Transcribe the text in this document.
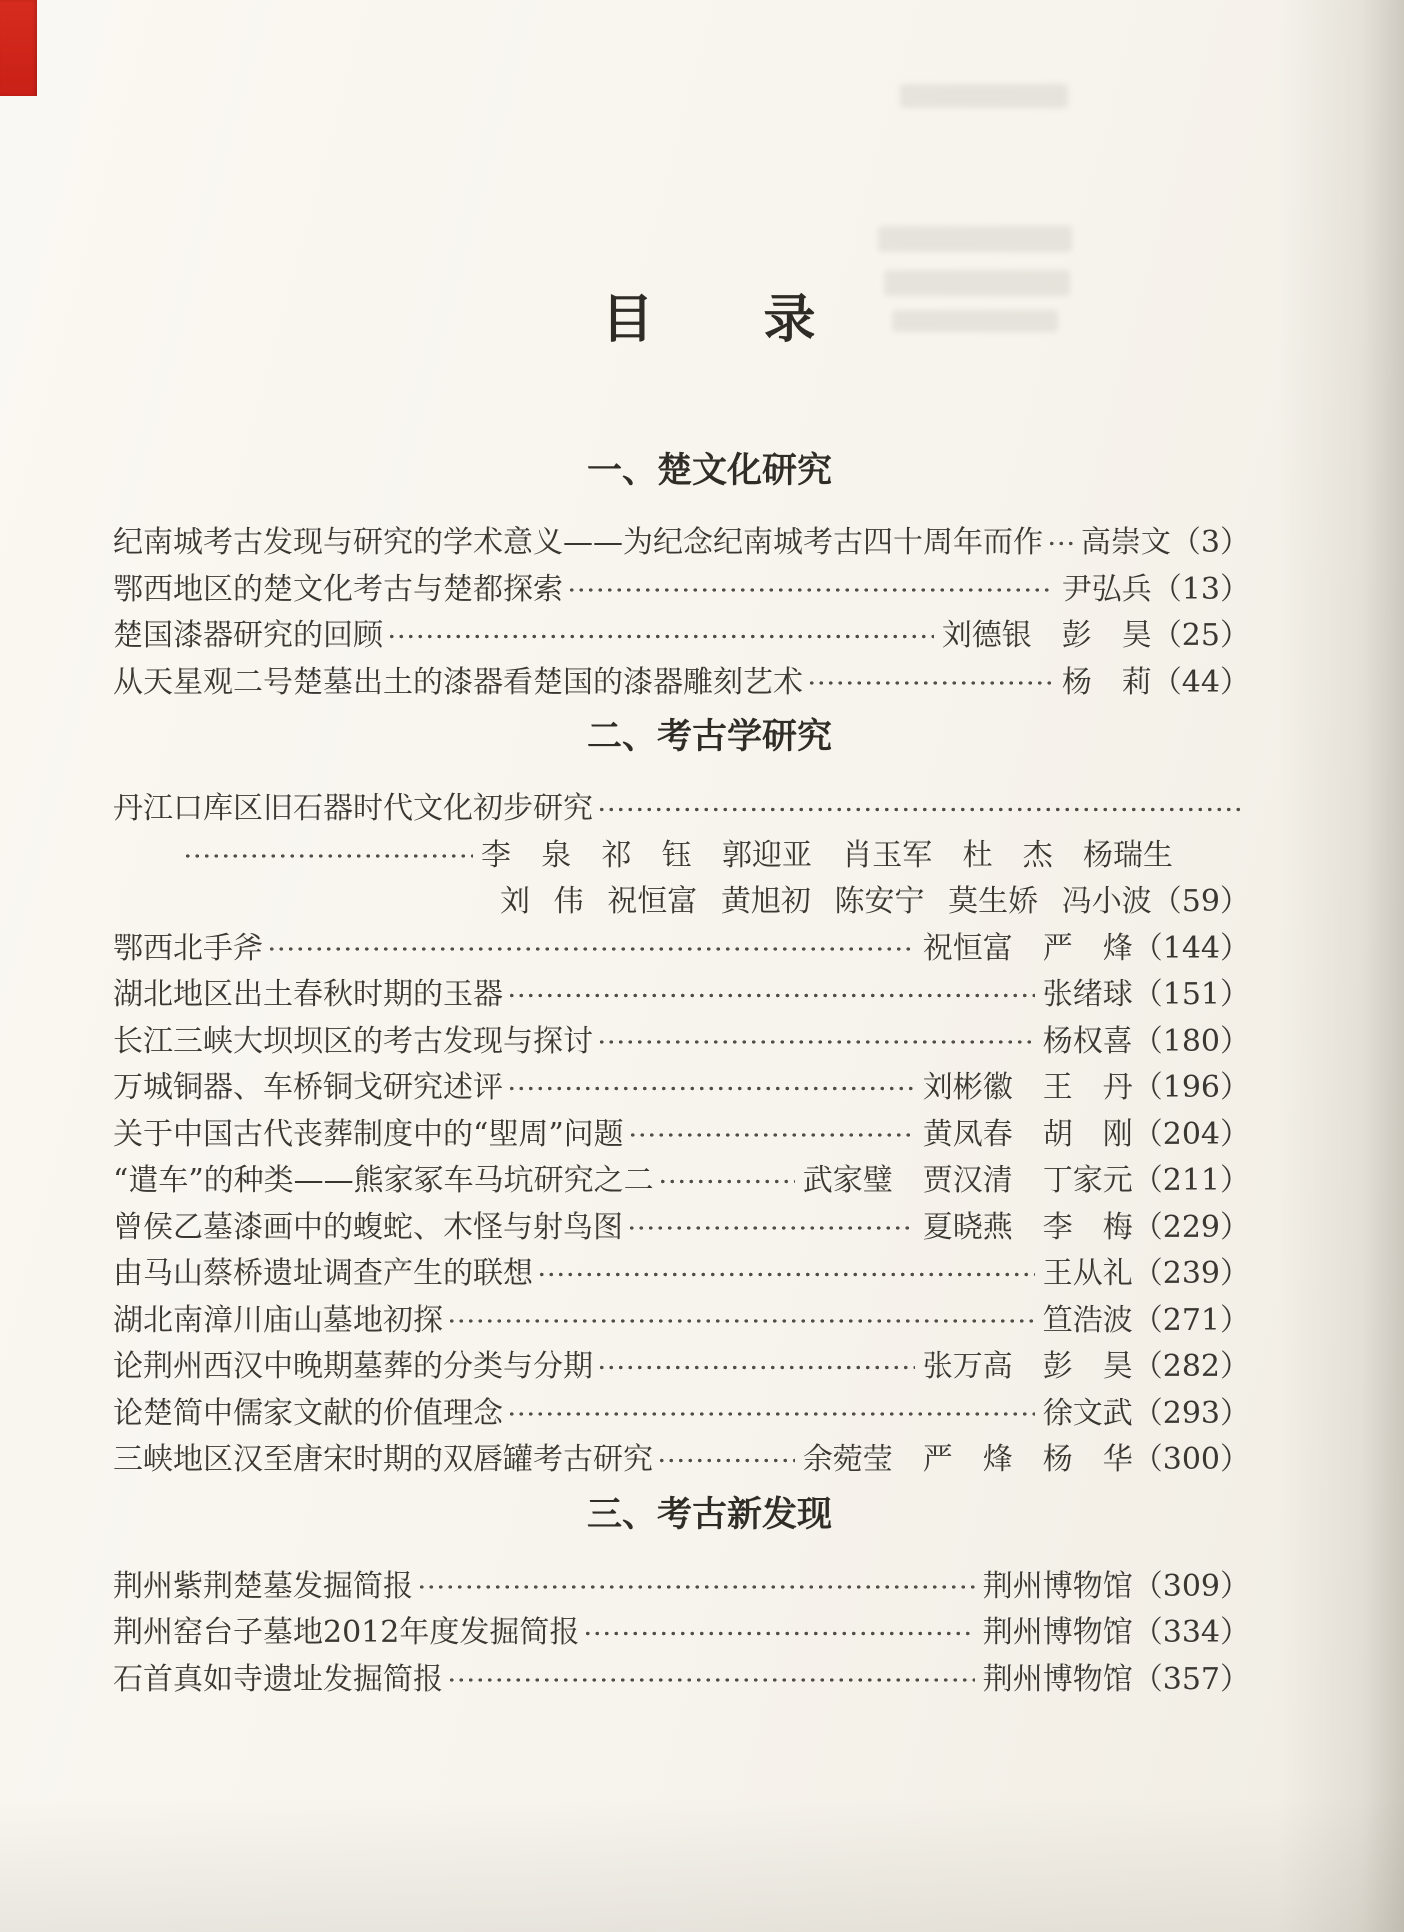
目　　录
一、楚文化研究
纪南城考古发现与研究的学术意义——为纪念纪南城考古四十周年而作 高崇文 （3）
鄂西地区的楚文化考古与楚都探索	尹弘兵 （13）
楚国漆器研究的回顾	刘德银　彭　昊 （25）
从天星观二号楚墓出土的漆器看楚国的漆器雕刻艺术	杨　莉 （44）
二、考古学研究
丹江口库区旧石器时代文化初步研究
李 泉 祁 钰 郭迎亚 肖玉军 杜 杰 杨瑞生
刘 伟 祝恒富 黄旭初 陈安宁 莫生娇 冯小波（59）
鄂西北手斧	祝恒富　严　烽 （144）
湖北地区出土春秋时期的玉器	张绪球 （151）
长江三峡大坝坝区的考古发现与探讨	杨权喜 （180）
万城铜器、车桥铜戈研究述评	刘彬徽　王　丹 （196）
关于中国古代丧葬制度中的“堲周”问题	黄凤春　胡　刚 （204）
“遣车”的种类——熊家冢车马坑研究之二	武家璧　贾汉清　丁家元 （211）
曾侯乙墓漆画中的蝮蛇、木怪与射鸟图	夏晓燕　李　梅 （229）
由马山蔡桥遗址调查产生的联想	王从礼 （239）
湖北南漳川庙山墓地初探	笪浩波 （271）
论荆州西汉中晚期墓葬的分类与分期	张万高　彭　昊 （282）
论楚简中儒家文献的价值理念	徐文武 （293）
三峡地区汉至唐宋时期的双唇罐考古研究	余菀莹　严　烽　杨　华 （300）
三、考古新发现
荆州紫荆楚墓发掘简报	荆州博物馆 （309）
荆州窑台子墓地2012年度发掘简报	荆州博物馆 （334）
石首真如寺遗址发掘简报	荆州博物馆 （357）
